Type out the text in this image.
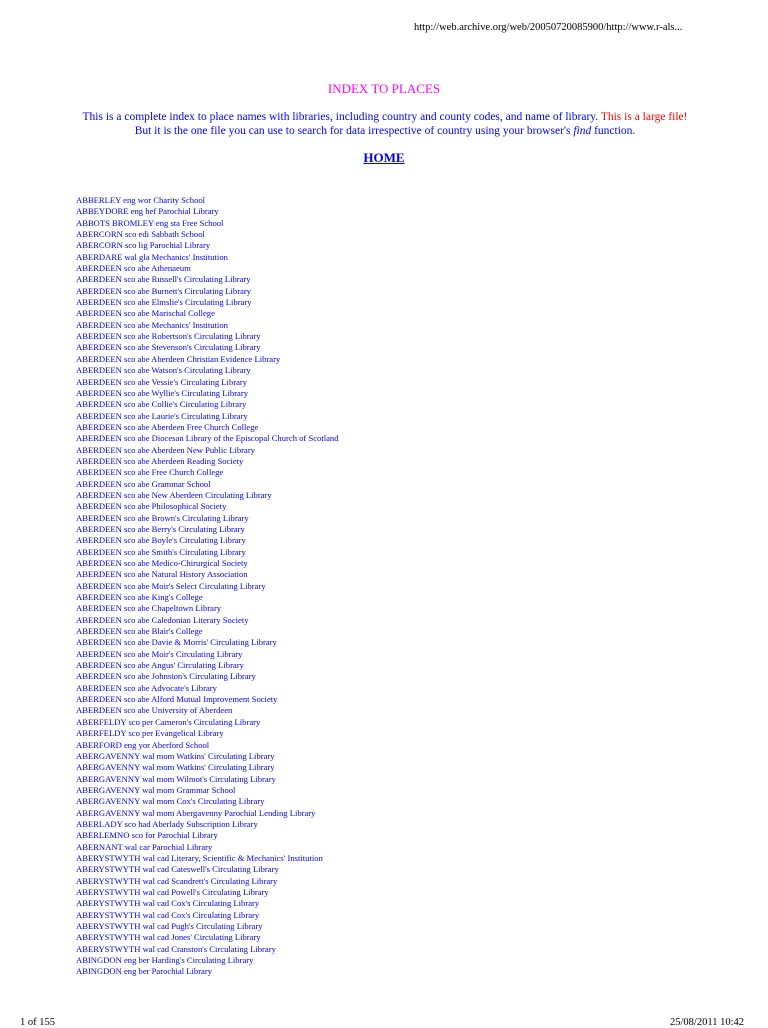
http://web.archive.org/web/20050720085900/http://www.r-als...
INDEX TO PLACES
This is a complete index to place names with libraries, including country and county codes, and name of library. This is a large file! But it is the one file you can use to search for data irrespective of country using your browser's find function.
HOME
ABBERLEY eng wor Charity School
ABBEYDORE eng hef Parochial Library
ABBOTS BROMLEY eng sta Free School
ABERCORN sco edi Sabbath School
ABERCORN sco lig Parochial Library
ABERDARE wal gla Mechanics' Institution
ABERDEEN sco abe Athenaeum
ABERDEEN sco abe Russell's Circulating Library
ABERDEEN sco abe Burnett's Circulating Library
ABERDEEN sco abe Elmslie's Circulating Library
ABERDEEN sco abe Marischal College
ABERDEEN sco abe Mechanics' Institution
ABERDEEN sco abe Robertson's Circulating Library
ABERDEEN sco abe Stevenson's Circulating Library
ABERDEEN sco abe Aberdeen Christian Evidence Library
ABERDEEN sco abe Watson's Circulating Library
ABERDEEN sco abe Vessie's Circulating Library
ABERDEEN sco abe Wyllie's Circulating Library
ABERDEEN sco abe Collie's Circulating Library
ABERDEEN sco abe Laurie's Circulating Library
ABERDEEN sco abe Aberdeen Free Church College
ABERDEEN sco abe Diocesan Library of the Episcopal Church of Scotland
ABERDEEN sco abe Aberdeen New Public Library
ABERDEEN sco abe Aberdeen Reading Society
ABERDEEN sco abe Free Church College
ABERDEEN sco abe Grammar School
ABERDEEN sco abe New Aberdeen Circulating Library
ABERDEEN sco abe Philosophical Society
ABERDEEN sco abe Brown's Circulating Library
ABERDEEN sco abe Berry's Circulating Library
ABERDEEN sco abe Boyle's Circulating Library
ABERDEEN sco abe Smith's Circulating Library
ABERDEEN sco abe Medico-Chirurgical Society
ABERDEEN sco abe Natural History Association
ABERDEEN sco abe Moir's Select Circulating Library
ABERDEEN sco abe King's College
ABERDEEN sco abe Chapeltown Library
ABERDEEN sco abe Caledonian Literary Society
ABERDEEN sco abe Blair's College
ABERDEEN sco abe Davie & Morris' Circulating Library
ABERDEEN sco abe Moir's Circulating Library
ABERDEEN sco abe Angus' Circulating Library
ABERDEEN sco abe Johnston's Circulating Library
ABERDEEN sco abe Advocate's Library
ABERDEEN sco abe Alford Mutual Improvement Society
ABERDEEN sco abe University of Aberdeen
ABERFELDY sco per Cameron's Circulating Library
ABERFELDY sco per Evangelical Library
ABERFORD eng yor Aberford School
ABERGAVENNY wal mom Watkins' Circulating Library
ABERGAVENNY wal mom Watkins' Circulating Library
ABERGAVENNY wal mom Wilmot's Circulating Library
ABERGAVENNY wal mom Grammar School
ABERGAVENNY wal mom Cox's Circulating Library
ABERGAVENNY wal mom Abergavenny Parochial Lending Library
ABERLADY sco had Aberlady Subscription Library
ABERLEMNO sco for Parochial Library
ABERNANT wal car Parochial Library
ABERYSTWYTH wal cad Literary, Scientific & Mechanics' Institution
ABERYSTWYTH wal cad Cateswell's Circulating Library
ABERYSTWYTH wal cad Scandrett's Circulating Library
ABERYSTWYTH wal cad Powell's Circulating Library
ABERYSTWYTH wal cad Cox's Circulating Library
ABERYSTWYTH wal cad Cox's Circulating Library
ABERYSTWYTH wal cad Pugh's Circulating Library
ABERYSTWYTH wal cad Jones' Circulating Library
ABERYSTWYTH wal cad Cranston's Circulating Library
ABINGDON eng ber Harding's Circulating Library
ABINGDON eng ber Parochial Library
1 of 155	25/08/2011 10:42
